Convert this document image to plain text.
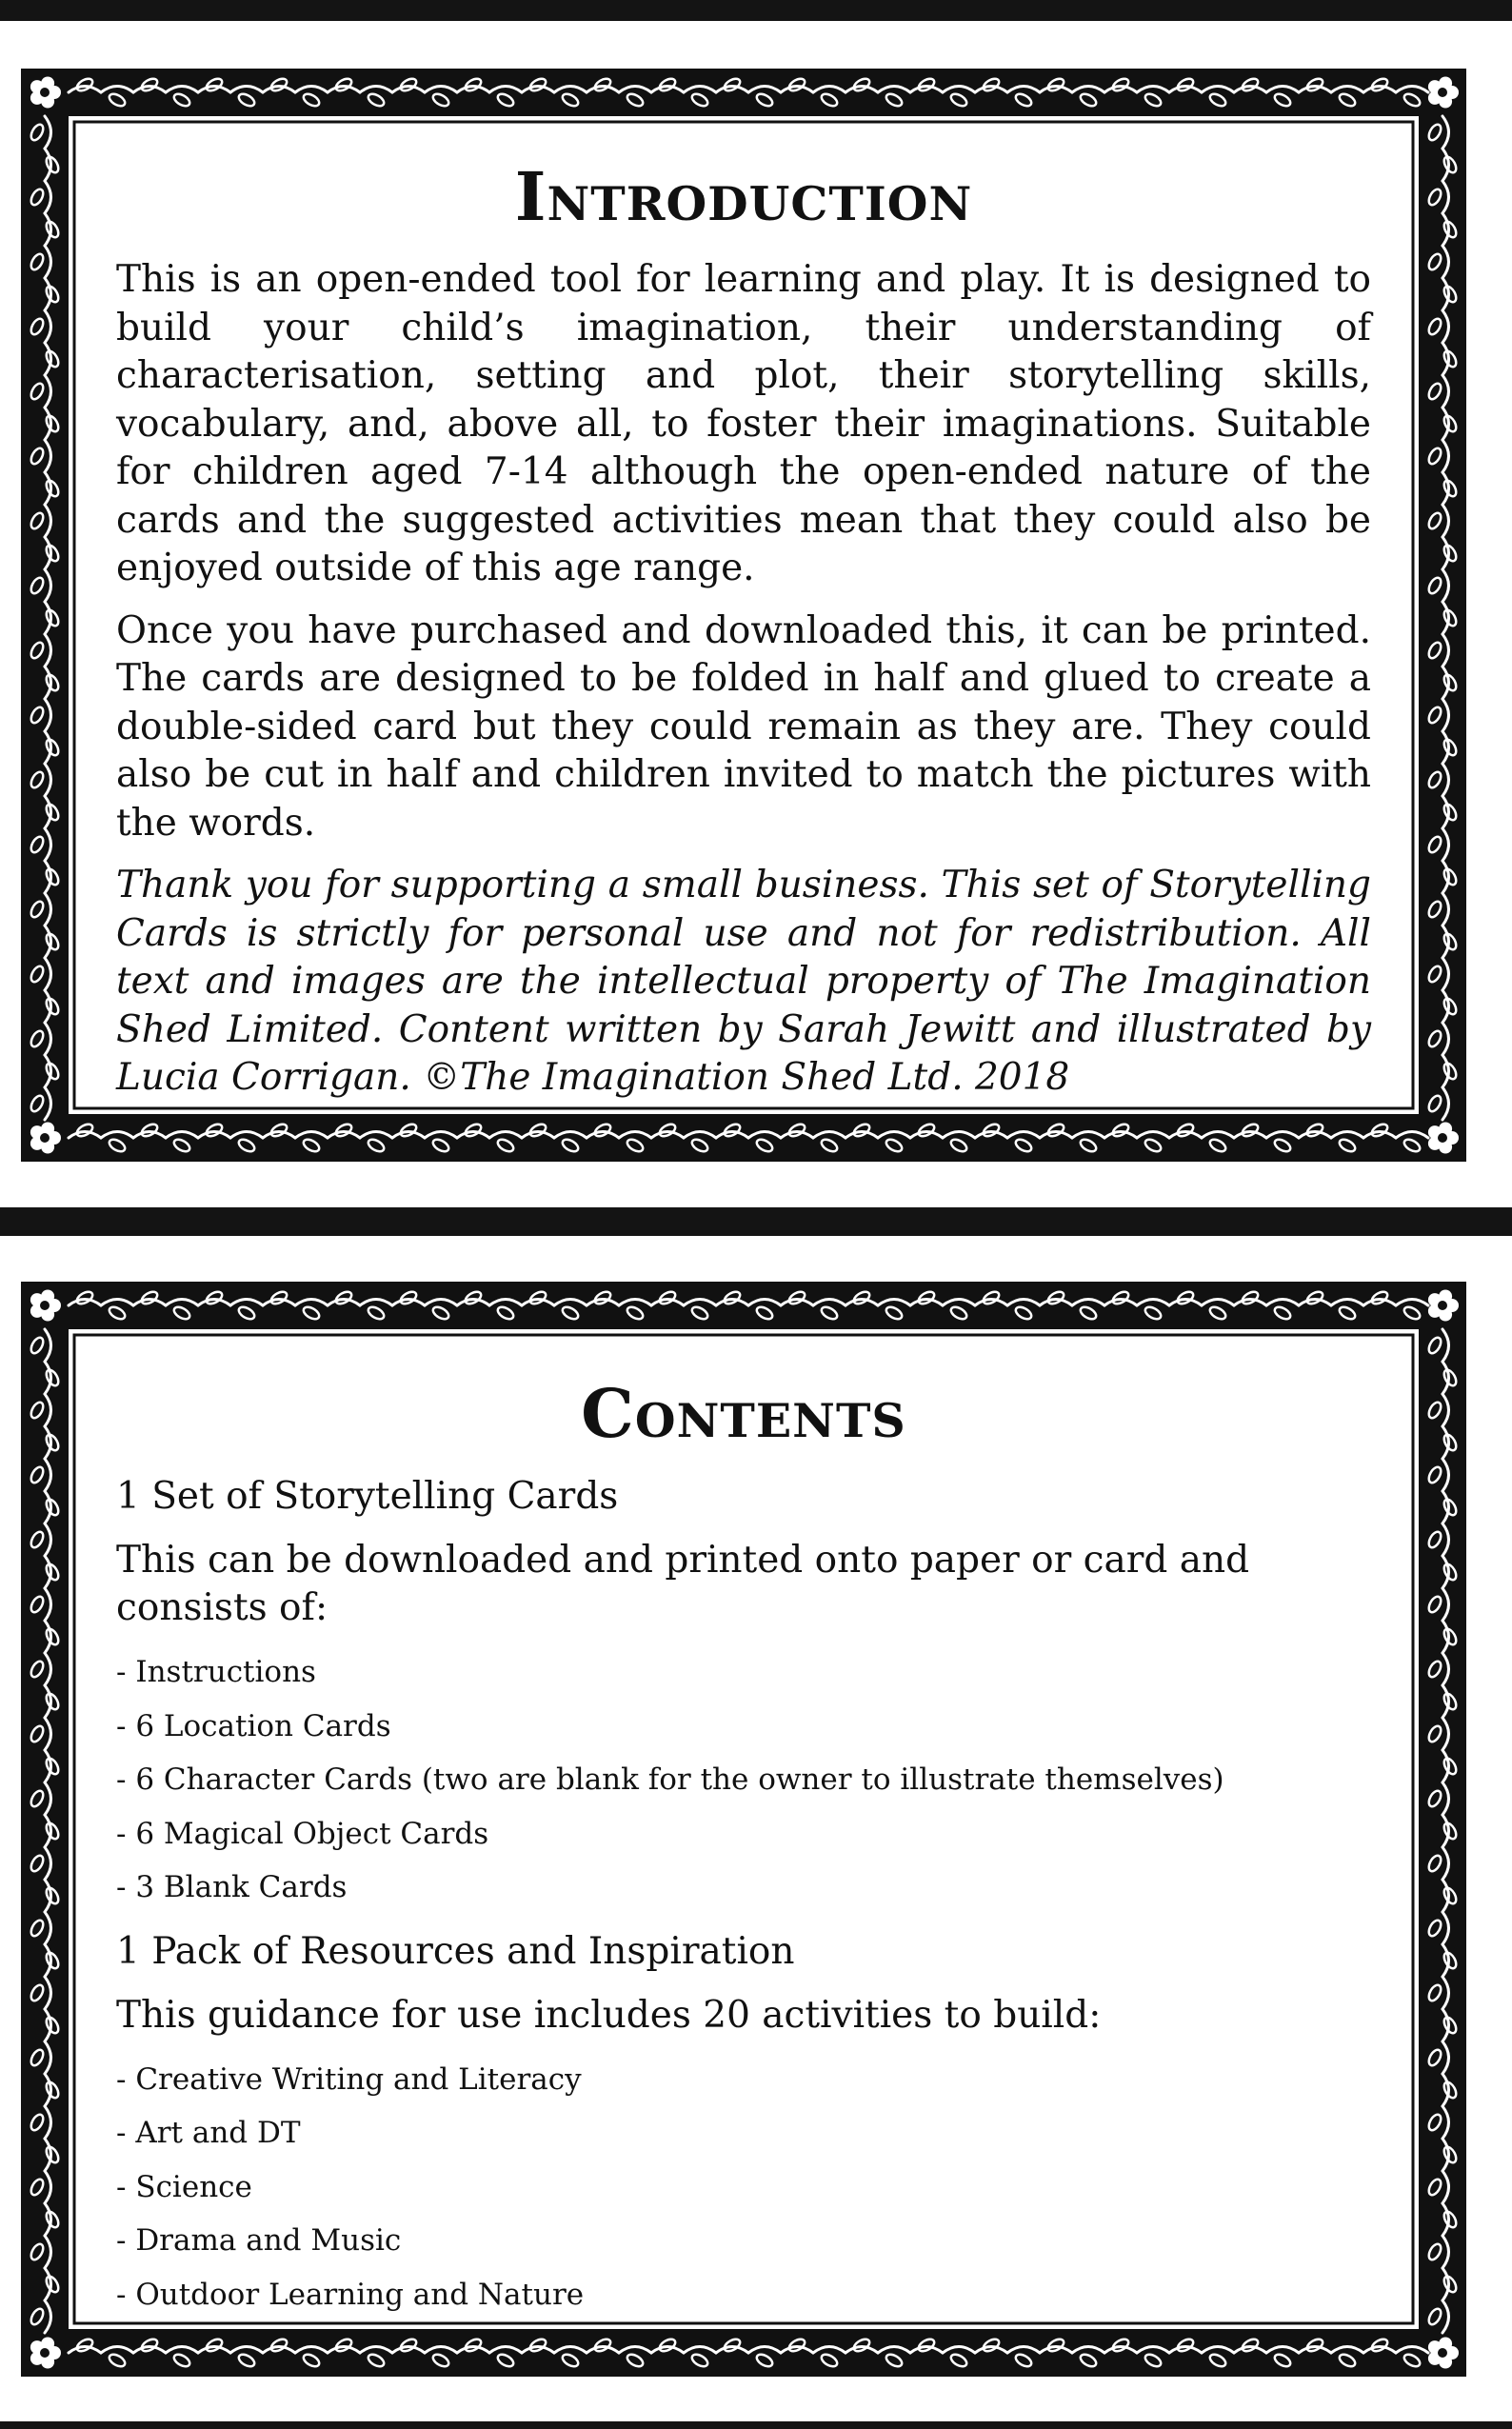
Introduction

This is an open-ended tool for learning and play. It is designed to build your child’s imagination, their understanding of characterisation, setting and plot, their storytelling skills, vocabulary, and, above all, to foster their imaginations. Suitable for children aged 7-14 although the open-ended nature of the cards and the suggested activities mean that they could also be enjoyed outside of this age range.

Once you have purchased and downloaded this, it can be printed. The cards are designed to be folded in half and glued to create a double-sided card but they could remain as they are. They could also be cut in half and children invited to match the pictures with the words.

Thank you for supporting a small business. This set of Storytelling Cards is strictly for personal use and not for redistribution. All text and images are the intellectual property of The Imagination Shed Limited. Content written by Sarah Jewitt and illustrated by Lucia Corrigan. ©The Imagination Shed Ltd. 2018

Contents

1 Set of Storytelling Cards

This can be downloaded and printed onto paper or card and consists of:

- Instructions
- 6 Location Cards
- 6 Character Cards (two are blank for the owner to illustrate themselves)
- 6 Magical Object Cards
- 3 Blank Cards

1 Pack of Resources and Inspiration

This guidance for use includes 20 activities to build:

- Creative Writing and Literacy
- Art and DT
- Science
- Drama and Music
- Outdoor Learning and Nature
